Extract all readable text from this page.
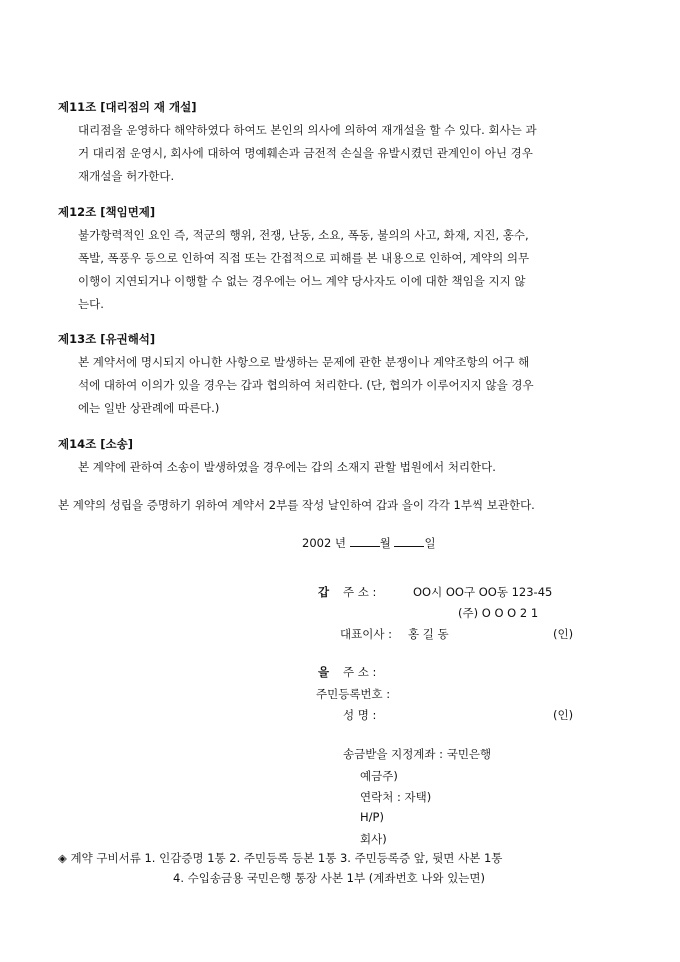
제11조 [대리점의 재 개설]
대리점을 운영하다 해약하였다 하여도 본인의 의사에 의하여 재개설을 할 수 있다. 회사는 과
거 대리점 운영시, 회사에 대하여 명예훼손과 금전적 손실을 유발시켰던 관계인이 아닌 경우
재개설을 허가한다.
제12조 [책임면제]
불가항력적인 요인 즉, 적군의 행위, 전쟁, 난동, 소요, 폭동, 불의의 사고, 화재, 지진, 홍수,
폭발, 폭풍우 등으로 인하여 직접 또는 간접적으로 피해를 본 내용으로 인하여, 계약의 의무
이행이 지연되거나 이행할 수 없는 경우에는 어느 계약 당사자도 이에 대한 책임을 지지 않
는다.
제13조 [유권해석]
본 계약서에 명시되지 아니한 사항으로 발생하는 문제에 관한 분쟁이나 계약조항의 어구 해
석에 대하여 이의가 있을 경우는 갑과 협의하여 처리한다. (단, 협의가 이루어지지 않을 경우
에는 일반 상관례에 따른다.)
제14조 [소송]
본 계약에 관하여 소송이 발생하였을 경우에는 갑의 소재지 관할 법원에서 처리한다.
본 계약의 성립을 증명하기 위하여 계약서 2부를 작성 날인하여 갑과 을이 각각 1부씩 보관한다.
2002 년	월	일
갑 주 소 :	OO시 OO구 OO동 123-45
(주) O O O 2 1
대표이사 : 홍 길 동	(인)
을 주 소 :
주민등록번호 :
성 명 :	(인)
송금받을 지정계좌 : 국민은행
예금주)
연락처 : 자택)
H/P)
회사)
◈ 계약 구비서류 1. 인감증명 1통 2. 주민등록 등본 1통 3. 주민등록증 앞, 뒷면 사본 1통
4. 수입송금용 국민은행 통장 사본 1부 (계좌번호 나와 있는면)
